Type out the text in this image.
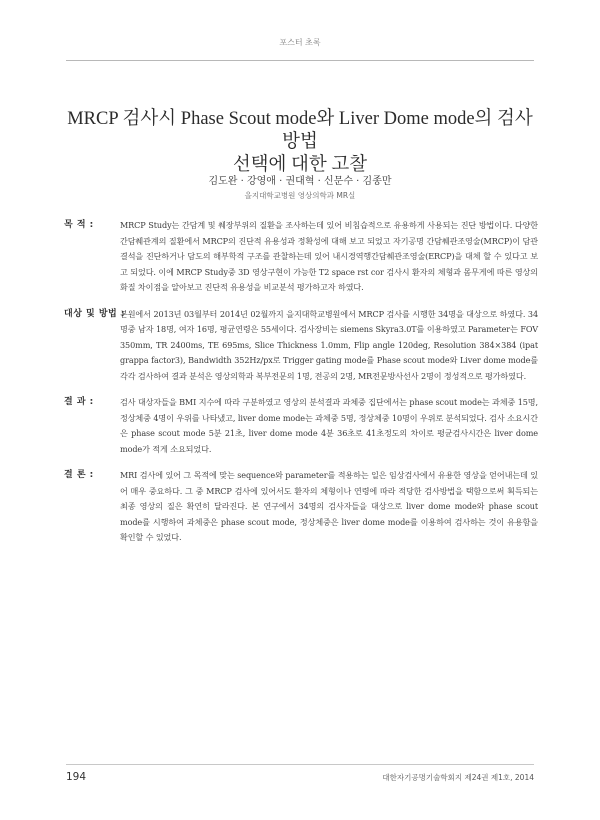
포스터 초록
MRCP 검사시 Phase Scout mode와 Liver Dome mode의 검사방법
선택에 대한 고찰
김도완 · 강영애 · 권대혁 · 신문수 · 김종만
을지대학교병원 영상의학과 MR실
목 적 :	MRCP Study는 간담계 및 췌장부위의 질환을 조사하는데 있어 비침습적으로 유용하게 사용되는 진단 방법이다. 다양한 간담췌관계의 질환에서 MRCP의 진단적 유용성과 정확성에 대해 보고 되었고 자기공명 간담췌관조영술(MRCP)이 담관결석을 진단하거나 담도의 해부학적 구조를 관찰하는데 있어 내시경역행간담췌관조영술(ERCP)을 대체 할 수 있다고 보고 되었다. 이에 MRCP Study중 3D 영상구현이 가능한 T2 space rst cor 검사시 환자의 체형과 몸무게에 따른 영상의 화질 차이점을 알아보고 진단적 유용성을 비교분석 평가하고자 하였다.

대상 및 방법 :

본원에서 2013년 03월부터 2014년 02월까지 을지대학교병원에서 MRCP 검사를 시행한 34명을 대상으로 하였다. 34명중 남자 18명, 여자 16명, 평균연령은 55세이다. 검사장비는 siemens Skyra3.0T를 이용하였고 Parameter는 FOV 350mm, TR 2400ms, TE 695ms, Slice Thickness 1.0mm, Flip angle 120deg, Resolution 384×384 (ipat grappa factor3), Bandwidth 352Hz/px로 Trigger gating mode를 Phase scout mode와 Liver dome mode를 각각 검사하여 결과 분석은 영상의학과 복부전문의 1명, 전공의 2명, MR전문방사선사 2명이 정성적으로 평가하였다.

결 과 :	검사 대상자들을 BMI 지수에 따라 구분하였고 영상의 분석결과 과체중 집단에서는 phase scout mode는 과체중 15명, 정상체중 4명이 우위를 나타냈고, liver dome mode는 과체중 5명, 정상체중 10명이 우위로 분석되었다. 검사 소요시간은 phase scout mode 5분 21초, liver dome mode 4분 36초로 41초정도의 차이로 평균검사시간은 liver dome mode가 적게 소요되었다.

결 론 :	MRI 검사에 있어 그 목적에 맞는 sequence와 parameter를 적용하는 일은 임상검사에서 유용한 영상을 얻어내는데 있어 매우 중요하다. 그 중 MRCP 검사에 있어서도 환자의 체형이나 연령에 따라 적당한 검사방법을 택함으로써 획득되는 최종 영상의 질은 확연히 달라진다. 본 연구에서 34명의 검사자들을 대상으로 liver dome mode와 phase scout mode를 시행하여 과체중은 phase scout mode, 정상체중은 liver dome mode를 이용하여 검사하는 것이 유용함을 확인할 수 있었다.

194	대한자기공명기술학회지 제24권 제1호, 2014
